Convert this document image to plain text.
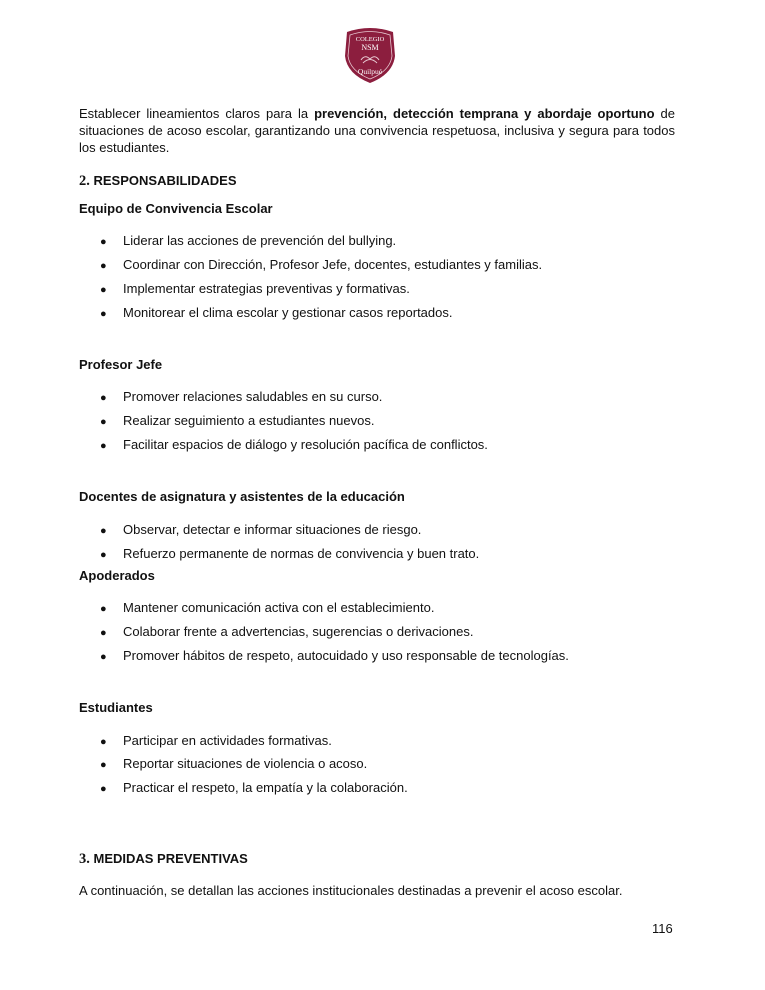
COLEGIO
NSM
Quilpué
Establecer lineamientos claros para la prevención, detección temprana y abordaje oportuno de situaciones de acoso escolar, garantizando una convivencia respetuosa, inclusiva y segura para todos los estudiantes.
2. RESPONSABILIDADES
Equipo de Convivencia Escolar
● Liderar las acciones de prevención del bullying.
● Coordinar con Dirección, Profesor Jefe, docentes, estudiantes y familias.
● Implementar estrategias preventivas y formativas.
● Monitorear el clima escolar y gestionar casos reportados.
Profesor Jefe
● Promover relaciones saludables en su curso.
● Realizar seguimiento a estudiantes nuevos.
● Facilitar espacios de diálogo y resolución pacífica de conflictos.
Docentes de asignatura y asistentes de la educación
● Observar, detectar e informar situaciones de riesgo.
● Refuerzo permanente de normas de convivencia y buen trato.
Apoderados
● Mantener comunicación activa con el establecimiento.
● Colaborar frente a advertencias, sugerencias o derivaciones.
● Promover hábitos de respeto, autocuidado y uso responsable de tecnologías.
Estudiantes
● Participar en actividades formativas.
● Reportar situaciones de violencia o acoso.
● Practicar el respeto, la empatía y la colaboración.
3. MEDIDAS PREVENTIVAS
A continuación, se detallan las acciones institucionales destinadas a prevenir el acoso escolar.
116
